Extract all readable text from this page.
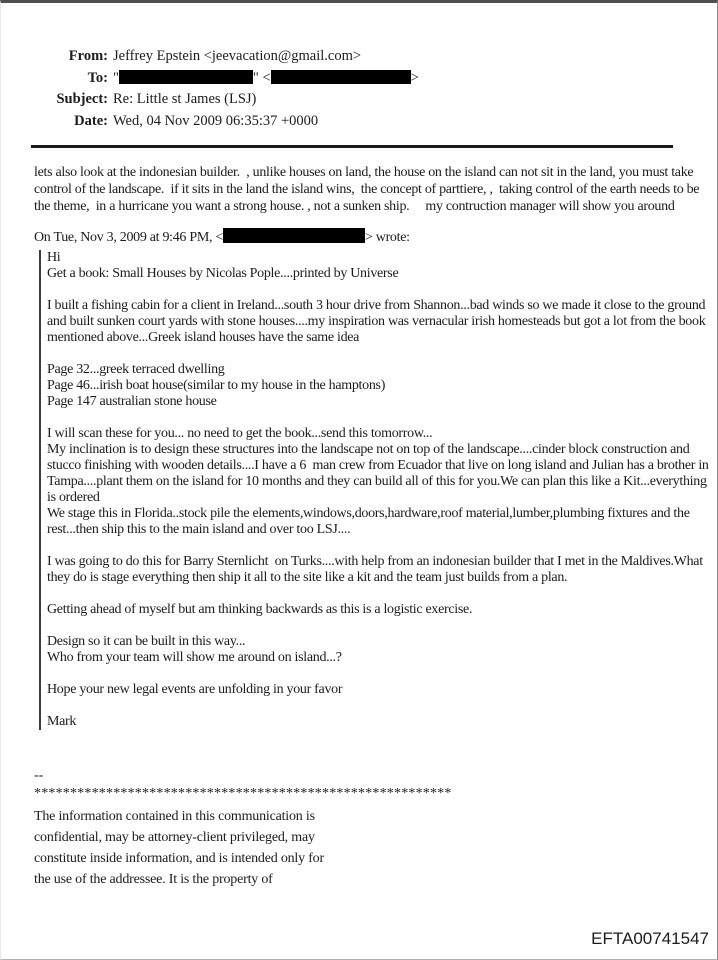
From: Jeffrey Epstein <jeevacation@gmail.com>
To: "	" <	>
Subject: Re: Little st James (LSJ)
Date: Wed, 04 Nov 2009 06:35:37 +0000
lets also look at the indonesian builder.  , unlike houses on land, the house on the island can not sit in the land, you must take control of the landscape.  if it sits in the land the island wins,  the concept of parttiere, ,  taking control of the earth needs to be the theme,  in a hurricane you want a strong house. , not a sunken ship.     my contruction manager will show you around
On Tue, Nov 3, 2009 at 9:46 PM, <	> wrote:
Hi
Get a book: Small Houses by Nicolas Pople....printed by Universe
I built a fishing cabin for a client in Ireland...south 3 hour drive from Shannon...bad winds so we made it close to the ground and built sunken court yards with stone houses....my inspiration was vernacular irish homesteads but got a lot from the book mentioned above...Greek island houses have the same idea
Page 32...greek terraced dwelling
Page 46...irish boat house(similar to my house in the hamptons)
Page 147 australian stone house
I will scan these for you... no need to get the book...send this tomorrow...
My inclination is to design these structures into the landscape not on top of the landscape....cinder block construction and stucco finishing with wooden details....I have a 6  man crew from Ecuador that live on long island and Julian has a brother in Tampa....plant them on the island for 10 months and they can build all of this for you.We can plan this like a Kit...everything is ordered
We stage this in Florida..stock pile the elements,windows,doors,hardware,roof material,lumber,plumbing fixtures and the rest...then ship this to the main island and over too LSJ....
I was going to do this for Barry Sternlicht  on Turks....with help from an indonesian builder that I met in the Maldives.What they do is stage everything then ship it all to the site like a kit and the team just builds from a plan.
Getting ahead of myself but am thinking backwards as this is a logistic exercise.
Design so it can be built in this way...
Who from your team will show me around on island...?
Hope your new legal events are unfolding in your favor
Mark
--
**********************************************************
The information contained in this communication is
confidential, may be attorney-client privileged, may
constitute inside information, and is intended only for
the use of the addressee. It is the property of
EFTA00741547
